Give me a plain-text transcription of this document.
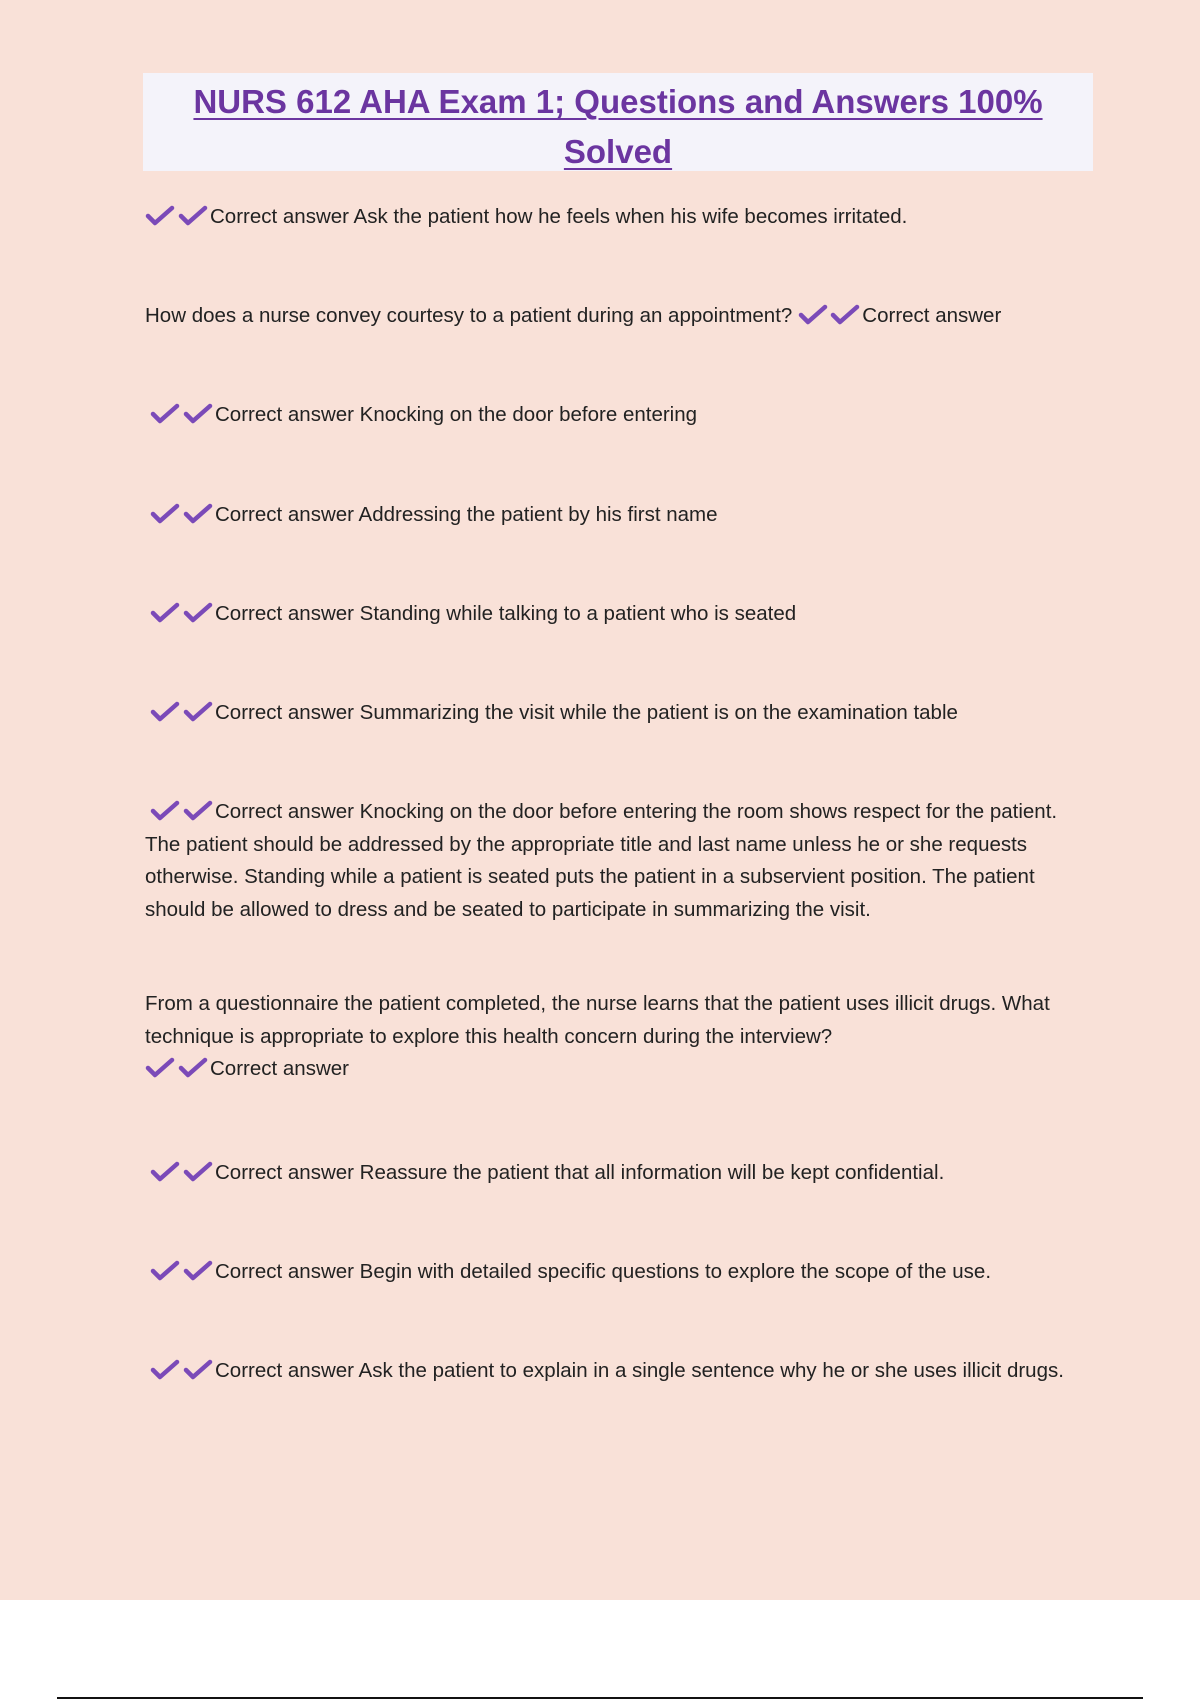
NURS 612 AHA Exam 1; Questions and Answers 100% Solved

Correct answer Ask the patient how he feels when his wife becomes irritated.

How does a nurse convey courtesy to a patient during an appointment?	Correct answer

Correct answer Knocking on the door before entering

Correct answer Addressing the patient by his first name

Correct answer Standing while talking to a patient who is seated

Correct answer Summarizing the visit while the patient is on the examination table

Correct answer Knocking on the door before entering the room shows respect for the patient. The patient should be addressed by the appropriate title and last name unless he or she requests otherwise. Standing while a patient is seated puts the patient in a subservient position. The patient should be allowed to dress and be seated to participate in summarizing the visit.

From a questionnaire the patient completed, the nurse learns that the patient uses illicit drugs. What technique is appropriate to explore this health concern during the interview?

Correct answer

Correct answer Reassure the patient that all information will be kept confidential.

Correct answer Begin with detailed specific questions to explore the scope of the use.

Correct answer Ask the patient to explain in a single sentence why he or she uses illicit drugs.
